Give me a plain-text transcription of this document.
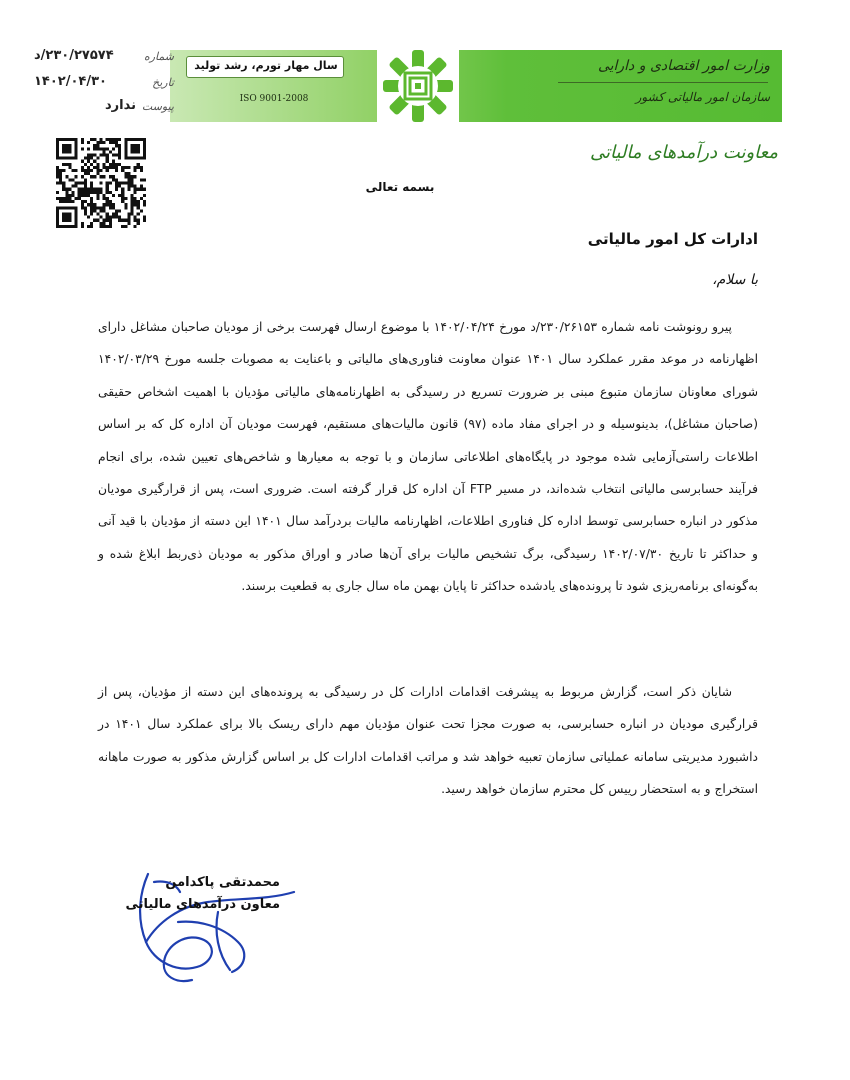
وزارت امور اقتصادی و دارایی
سازمان امور مالیاتی کشور
سال مهار تورم، رشد تولید
ISO 9001-2008
شماره
۲۳۰/۲۷۵۷۴/د
تاریخ
۱۴۰۲/۰۴/۳۰
پیوست
ندارد
معاونت درآمدهای مالیاتی
بسمه تعالی
ادارات کل امور مالیاتی
با سلام،
پیرو رونوشت نامه شماره ۲۳۰/۲۶۱۵۳/د مورخ ۱۴۰۲/۰۴/۲۴ با موضوع ارسال فهرست برخی از مودیان صاحبان مشاغل دارای اظهارنامه در موعد مقرر عملکرد سال ۱۴۰۱ عنوان معاونت فناوری‌های مالیاتی و باعنایت به مصوبات جلسه مورخ ۱۴۰۲/۰۳/۲۹ شورای معاونان سازمان متبوع مبنی بر ضرورت تسریع در رسیدگی به اظهارنامه‌های مالیاتی مؤدیان با اهمیت اشخاص حقیقی (صاحبان مشاغل)، بدینوسیله و در اجرای مفاد ماده (۹۷) قانون مالیات‌های مستقیم، فهرست مودیان آن اداره کل که بر اساس اطلاعات راستی‌آزمایی شده موجود در پایگاه‌های اطلاعاتی سازمان و با توجه به معیارها و شاخص‌های تعیین شده، برای انجام فرآیند حسابرسی مالیاتی انتخاب شده‌اند، در مسیر FTP آن اداره کل قرار گرفته است. ضروری است، پس از قرارگیری مودیان مذکور در انباره حسابرسی توسط اداره کل فناوری اطلاعات، اظهارنامه مالیات بردرآمد سال ۱۴۰۱ این دسته از مؤدیان با قید آنی و حداکثر تا تاریخ ۱۴۰۲/۰۷/۳۰ رسیدگی، برگ تشخیص مالیات برای آن‌ها صادر و اوراق مذکور به مودیان ذی‌ربط ابلاغ شده و به‌گونه‌ای برنامه‌ریزی شود تا پرونده‌های یادشده حداکثر تا پایان بهمن ماه سال جاری به قطعیت برسند.
شایان ذکر است، گزارش مربوط به پیشرفت اقدامات ادارات کل در رسیدگی به پرونده‌های این دسته از مؤدیان، پس از قرارگیری مودیان در انباره حسابرسی، به صورت مجزا تحت عنوان مؤدیان مهم دارای ریسک بالا برای عملکرد سال ۱۴۰۱ در داشبورد مدیریتی سامانه عملیاتی سازمان تعبیه خواهد شد و مراتب اقدامات ادارات کل بر اساس گزارش مذکور به صورت ماهانه استخراج و به استحضار رییس کل محترم سازمان خواهد رسید.
محمدتقی پاکدامن
معاون درآمدهای مالیاتی
